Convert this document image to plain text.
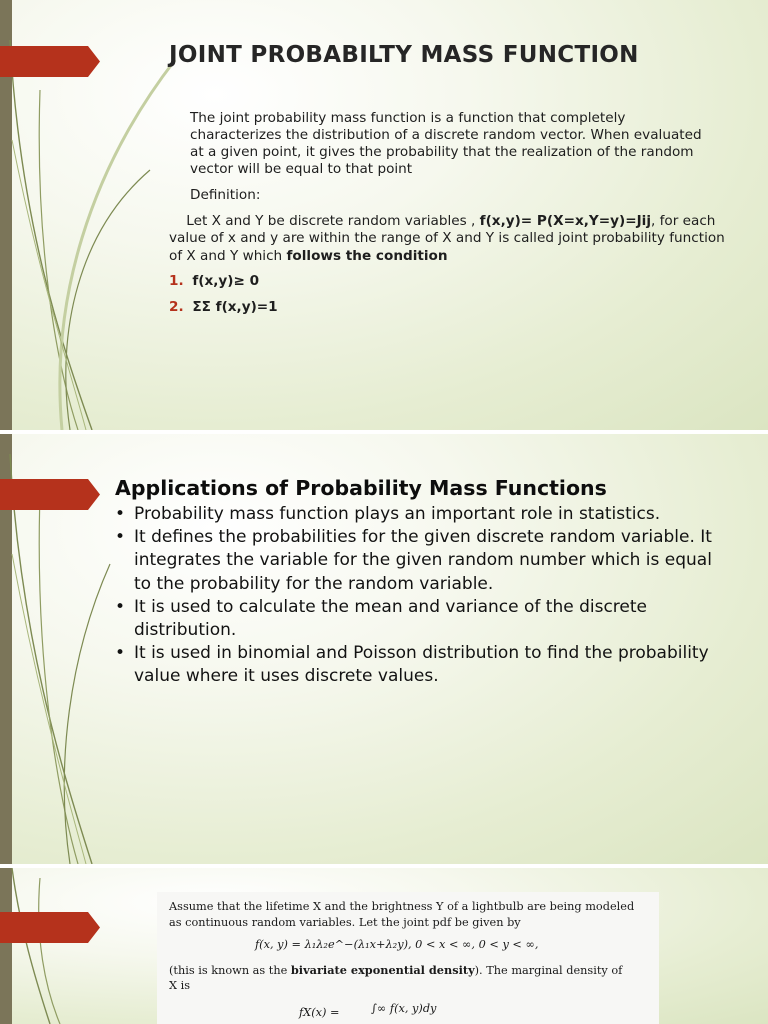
JOINT PROBABILTY MASS FUNCTION
The joint probability mass function is a function that completely characterizes the distribution of a discrete random vector. When evaluated at a given point, it gives the probability that the realization of the random vector will be equal to that point
Definition:
Let X and Y be discrete random variables , f(x,y)= P(X=x,Y=y)=Jij, for each value of x and y are within the range of X and Y is called joint probability function of X and Y which follows the condition
1. f(x,y)≥ 0
2. ΣΣ f(x,y)=1
Applications of Probability Mass Functions
• Probability mass function plays an important role in statistics.
• It defines the probabilities for the given discrete random variable. It integrates the variable for the given random number which is equal to the probability for the random variable.
• It is used to calculate the mean and variance of the discrete distribution.
• It is used in binomial and Poisson distribution to find the probability value where it uses discrete values.
Assume that the lifetime X and the brightness Y of a lightbulb are being modeled
as continuous random variables. Let the joint pdf be given by
f(x, y) = λ₁λ₂e^−(λ₁x+λ₂y), 0 < x < ∞, 0 < y < ∞,
(this is known as the bivariate exponential density). The marginal density of
X is
fX(x) =	∫∞ f(x, y)dy
